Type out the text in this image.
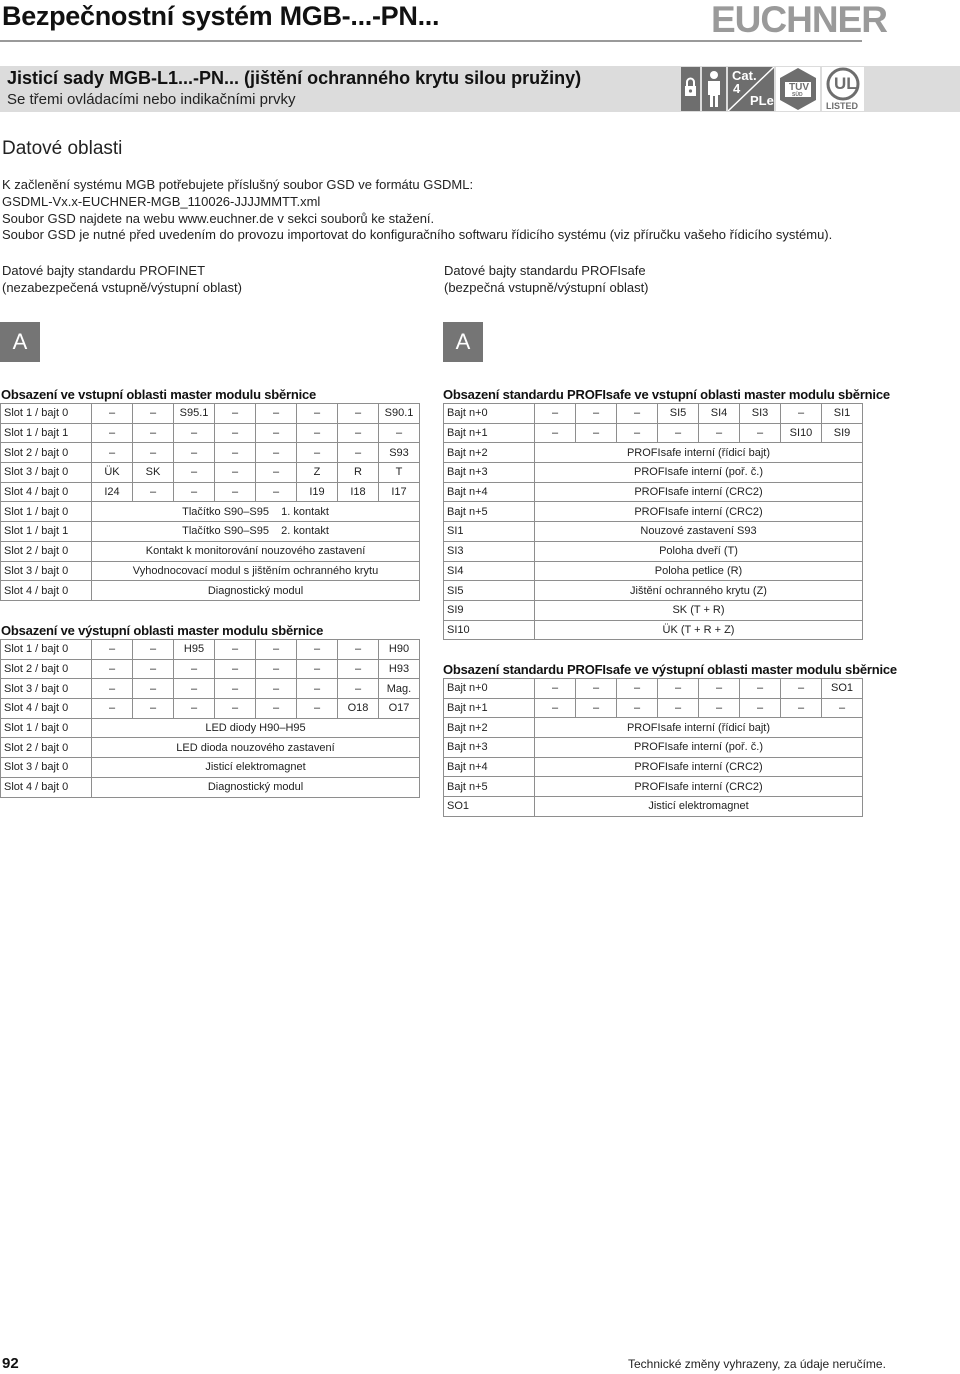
Bezpečnostní systém MGB-...-PN...	EUCHNER
Jisticí sady MGB-L1...-PN... (jištění ochranného krytu silou pružiny)
Se třemi ovládacími nebo indikačními prvky
Cat.
4
PLe
TÜV
SÜD
UL
LISTED
Datové oblasti
K začlenění systému MGB potřebujete příslušný soubor GSD ve formátu GSDML:
GSDML-Vx.x-EUCHNER-MGB_110026-JJJJMMTT.xml
Soubor GSD najdete na webu www.euchner.de v sekci souborů ke stažení.
Soubor GSD je nutné před uvedením do provozu importovat do konfiguračního softwaru řídicího systému (viz příručku vašeho řídicího systému).
Datové bajty standardu PROFINET
(nezabezpečená vstupně/výstupní oblast)
Datové bajty standardu PROFIsafe
(bezpečná vstupně/výstupní oblast)
A	A
Obsazení ve vstupní oblasti master modulu sběrnice
Obsazení ve výstupní oblasti master modulu sběrnice
Obsazení standardu PROFIsafe ve vstupní oblasti master modulu sběrnice
Obsazení standardu PROFIsafe ve výstupní oblasti master modulu sběrnice
Slot 1 / bajt 0	–	–	S95.1	–	–	–	–	S90.1
Slot 1 / bajt 1	–	–	–	–	–	–	–	–
Slot 2 / bajt 0	–	–	–	–	–	–	–	S93
Slot 3 / bajt 0	ÜK	SK	–	–	–	Z	R	T
Slot 4 / bajt 0	I24	–	–	–	–	I19	I18	I17
Slot 1 / bajt 0	Tlačítko S90–S95    1. kontakt							
Slot 1 / bajt 1	Tlačítko S90–S95    2. kontakt							
Slot 2 / bajt 0	Kontakt k monitorování nouzového zastavení							
Slot 3 / bajt 0	Vyhodnocovací modul s jištěním ochranného krytu							
Slot 4 / bajt 0	Diagnostický modul							
Slot 1 / bajt 0	–	–	H95	–	–	–	–	H90
Slot 2 / bajt 0	–	–	–	–	–	–	–	H93
Slot 3 / bajt 0	–	–	–	–	–	–	–	Mag.
Slot 4 / bajt 0	–	–	–	–	–	–	O18	O17
Slot 1 / bajt 0	LED diody H90–H95							
Slot 2 / bajt 0	LED dioda nouzového zastavení							
Slot 3 / bajt 0	Jisticí elektromagnet							
Slot 4 / bajt 0	Diagnostický modul							
Bajt n+0	–	–	–	SI5	SI4	SI3	–	SI1
Bajt n+1	–	–	–	–	–	–	SI10	SI9
Bajt n+2	PROFIsafe interní (řídicí bajt)							
Bajt n+3	PROFIsafe interní (poř. č.)							
Bajt n+4	PROFIsafe interní (CRC2)							
Bajt n+5	PROFIsafe interní (CRC2)							
SI1	Nouzové zastavení S93							
SI3	Poloha dveří (T)							
SI4	Poloha petlice (R)							
SI5	Jištění ochranného krytu (Z)							
SI9	SK (T + R)							
SI10	ÜK (T + R + Z)							
Bajt n+0	–	–	–	–	–	–	–	SO1
Bajt n+1	–	–	–	–	–	–	–	–
Bajt n+2	PROFIsafe interní (řídicí bajt)							
Bajt n+3	PROFIsafe interní (poř. č.)							
Bajt n+4	PROFIsafe interní (CRC2)							
Bajt n+5	PROFIsafe interní (CRC2)							
SO1	Jisticí elektromagnet							
92	Technické změny vyhrazeny, za údaje neručíme.
